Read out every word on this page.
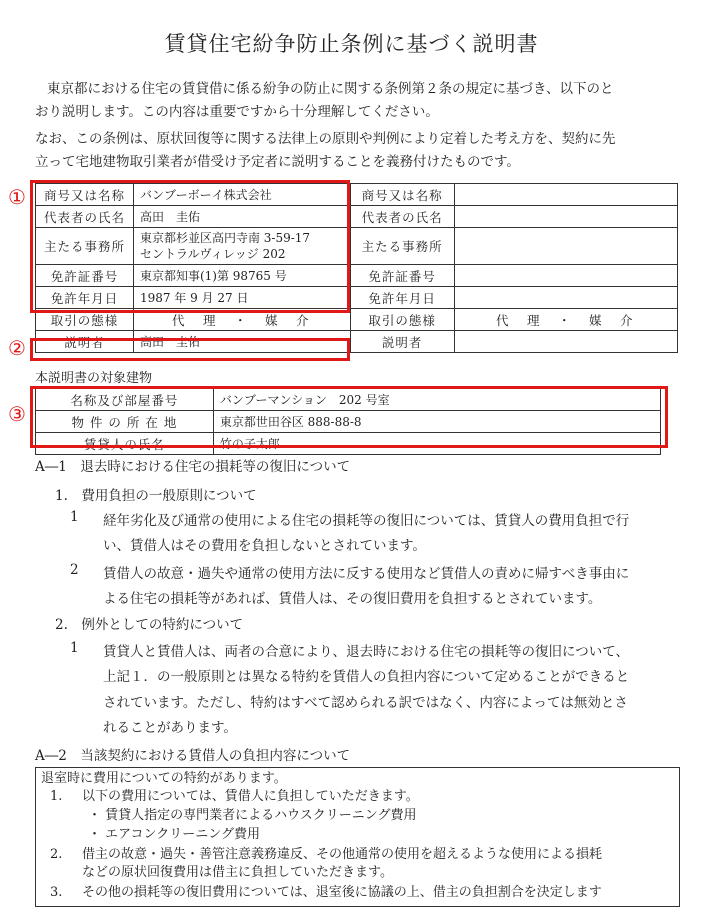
賃貸住宅紛争防止条例に基づく説明書
東京都における住宅の賃貸借に係る紛争の防止に関する条例第２条の規定に基づき、以下のと
おり説明します。この内容は重要ですから十分理解してください。
なお、この条例は、原状回復等に関する法律上の原則や判例により定着した考え方を、契約に先
立って宅地建物取引業者が借受け予定者に説明することを義務付けたものです。
商号又は名称	バンブーボーイ株式会社	商号又は名称	
代表者の氏名	高田　圭佑	代表者の氏名	
主たる事務所	東京都杉並区高円寺南 3-59-17
セントラルヴィレッジ 202	主たる事務所	
免許証番号	東京都知事(1)第 98765 号	免許証番号	
免許年月日	1987 年 9 月 27 日	免許年月日	
取引の態様	代　理　・　媒　介	取引の態様	代　理　・　媒　介
説明者	高田　圭佑	説明者	
①
②
本説明書の対象建物
名称及び部屋番号	バンブーマンション　202 号室
物 件 の 所 在 地	東京都世田谷区 888-88-8
賃貸人の氏名	竹の子太郎
③
A―1　退去時における住宅の損耗等の復旧について
1.　費用負担の一般原則について
1 経年劣化及び通常の使用による住宅の損耗等の復旧については、賃貸人の費用負担で行
い、賃借人はその費用を負担しないとされています。
2 賃借人の故意・過失や通常の使用方法に反する使用など賃借人の責めに帰すべき事由に
よる住宅の損耗等があれば、賃借人は、その復旧費用を負担するとされています。
2.　例外としての特約について
1 賃貸人と賃借人は、両者の合意により、退去時における住宅の損耗等の復旧について、
上記１．の一般原則とは異なる特約を賃借人の負担内容について定めることができると
されています。ただし、特約はすべて認められる訳ではなく、内容によっては無効とさ
れることがあります。
A―2　当該契約における賃借人の負担内容について
退室時に費用についての特約があります。
1. 以下の費用については、賃借人に負担していただきます。
・ 賃貸人指定の専門業者によるハウスクリーニング費用
・ エアコンクリーニング費用
2. 借主の故意・過失・善管注意義務違反、その他通常の使用を超えるような使用による損耗
などの原状回復費用は借主に負担していただきます。
3. その他の損耗等の復旧費用については、退室後に協議の上、借主の負担割合を決定します
